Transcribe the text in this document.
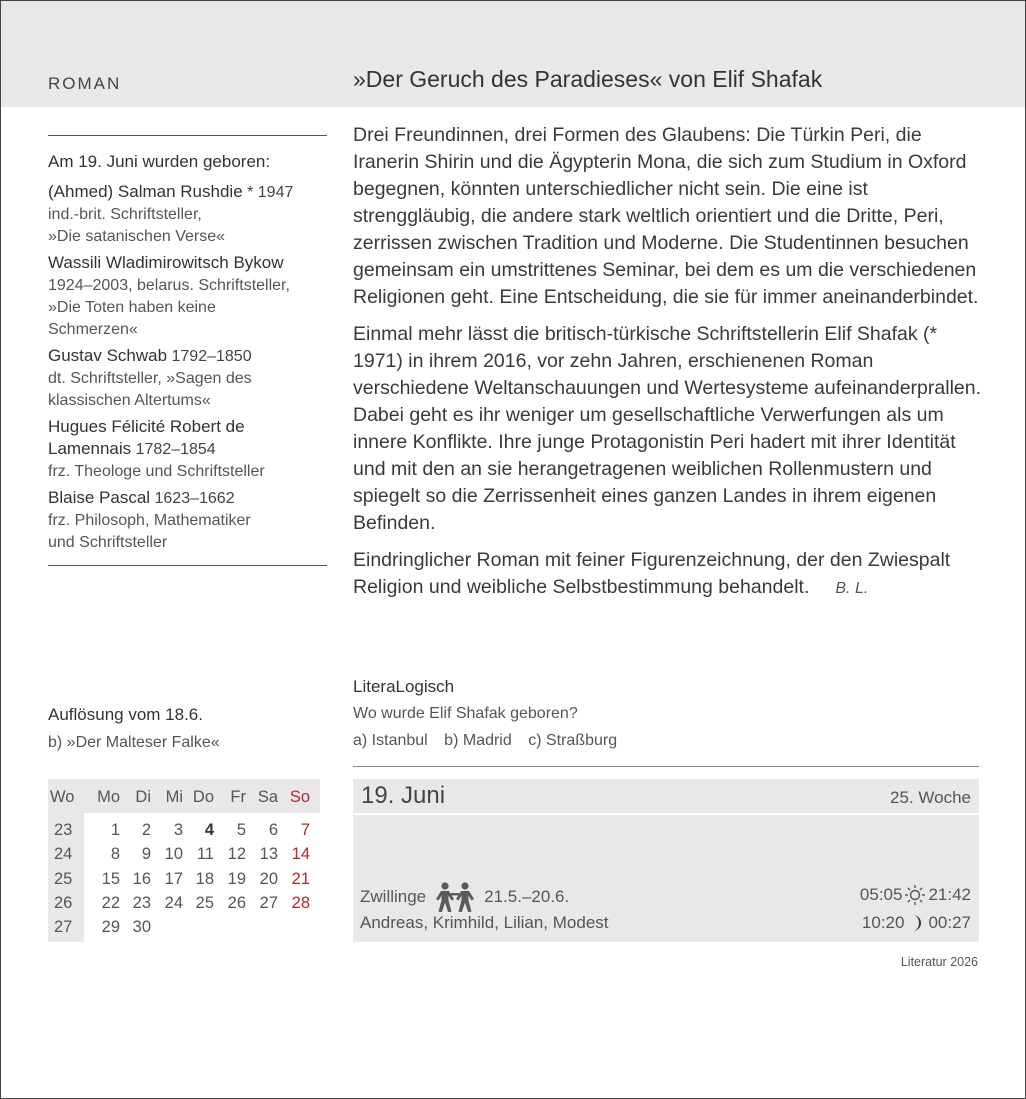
ROMAN	»Der Geruch des Paradieses« von Elif Shafak
Am 19. Juni wurden geboren:
(Ahmed) Salman Rushdie * 1947
ind.-brit. Schriftsteller,
»Die satanischen Verse«
Wassili Wladimirowitsch Bykow
1924–2003, belarus. Schriftsteller,
»Die Toten haben keine
Schmerzen«
Gustav Schwab 1792–1850
dt. Schriftsteller, »Sagen des
klassischen Altertums«
Hugues Félicité Robert de
Lamennais 1782–1854
frz. Theologe und Schriftsteller
Blaise Pascal 1623–1662
frz. Philosoph, Mathematiker
und Schriftsteller

Drei Freundinnen, drei Formen des Glaubens: Die Türkin Peri, die Iranerin Shirin und die Ägypterin Mona, die sich zum Studium in Oxford begegnen, könnten unterschiedlicher nicht sein. Die eine ist strenggläubig, die andere stark weltlich orientiert und die Dritte, Peri, zerrissen zwischen Tradition und Moderne. Die Studentinnen besuchen gemeinsam ein umstrittenes Seminar, bei dem es um die verschiedenen Religionen geht. Eine Entscheidung, die sie für immer aneinanderbindet.

Einmal mehr lässt die britisch-türkische Schriftstellerin Elif Shafak (* 1971) in ihrem 2016, vor zehn Jahren, erschienenen Roman verschiedene Weltanschauungen und Wertesysteme aufeinanderprallen. Dabei geht es ihr weniger um gesellschaftliche Verwerfungen als um innere Konflikte. Ihre junge Protagonistin Peri hadert mit ihrer Identität und mit den an sie herangetragenen weiblichen Rollenmustern und spiegelt so die Zerrissenheit eines ganzen Landes in ihrem eigenen Befinden.

Eindringlicher Roman mit feiner Figurenzeichnung, der den Zwiespalt Religion und weibliche Selbstbestimmung behandelt. B. L.

Auflösung vom 18.6.
b) »Der Malteser Falke«
LiteraLogisch
Wo wurde Elif Shafak geboren?
a) Istanbul b) Madrid c) Straßburg
Wo	Mo Di Mi Do Fr Sa So
23	1	2	3	4	5	6	7
24	8	9 10 11 12 13 14
25	15 16 17 18 19 20 21
26	22 23 24 25 26 27 28
27	29 30
19. Juni	25. Woche
Zwillinge	21.5.–20.6.
Andreas, Krimhild, Lilian, Modest
05:05 21:42
10:20 00:27
Literatur 2026
